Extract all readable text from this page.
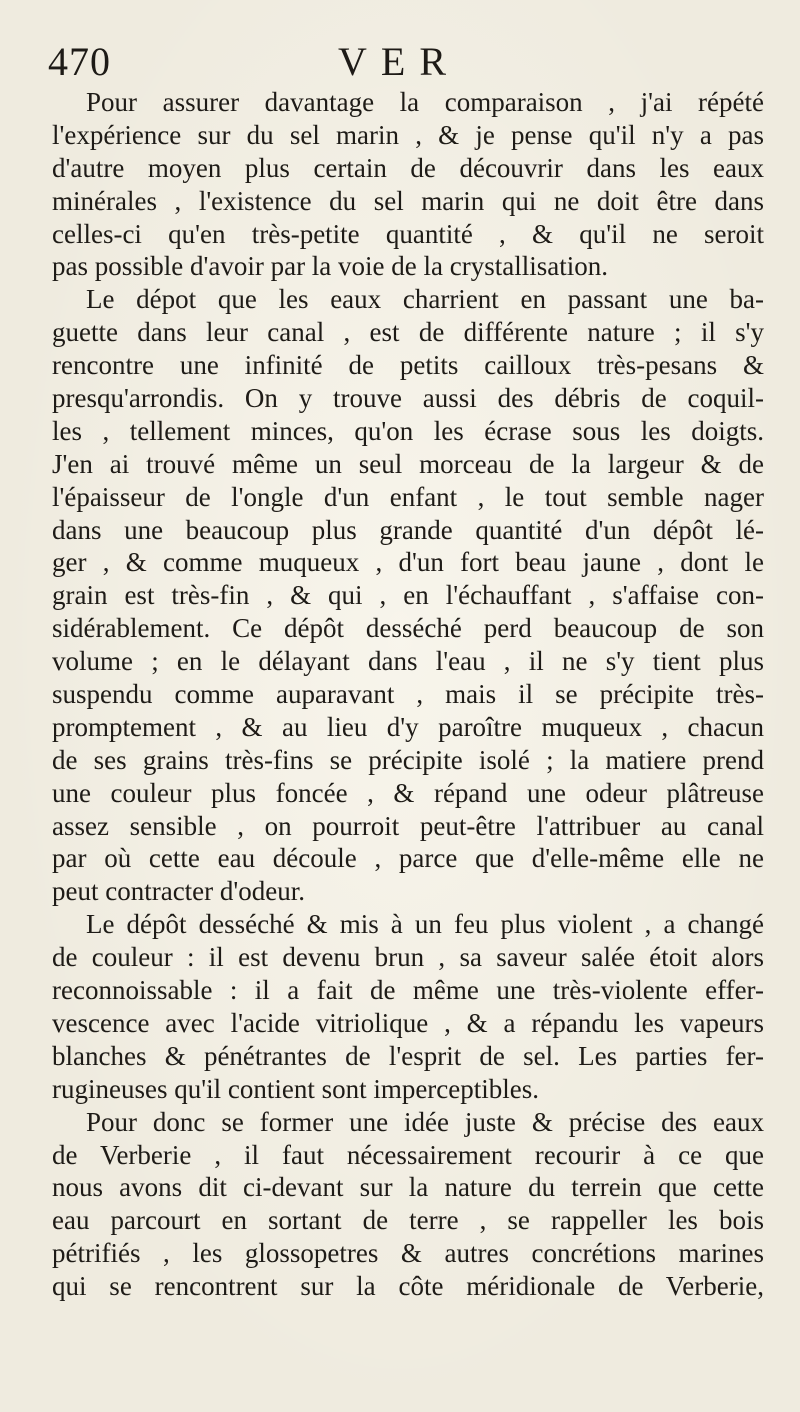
470	VER
Pour assurer davantage la comparaison , j'ai répété
l'expérience sur du sel marin , & je pense qu'il n'y a pas
d'autre moyen plus certain de découvrir dans les eaux
minérales , l'existence du sel marin qui ne doit être dans
celles-ci qu'en très-petite quantité , & qu'il ne seroit
pas possible d'avoir par la voie de la crystallisation.
Le dépot que les eaux charrient en passant une ba-
guette dans leur canal , est de différente nature ; il s'y
rencontre une infinité de petits cailloux très-pesans &
presqu'arrondis. On y trouve aussi des débris de coquil-
les , tellement minces, qu'on les écrase sous les doigts.
J'en ai trouvé même un seul morceau de la largeur & de
l'épaisseur de l'ongle d'un enfant , le tout semble nager
dans une beaucoup plus grande quantité d'un dépôt lé-
ger , & comme muqueux , d'un fort beau jaune , dont le
grain est très-fin , & qui , en l'échauffant , s'affaise con-
sidérablement. Ce dépôt desséché perd beaucoup de son
volume ; en le délayant dans l'eau , il ne s'y tient plus
suspendu comme auparavant , mais il se précipite très-
promptement , & au lieu d'y paroître muqueux , chacun
de ses grains très-fins se précipite isolé ; la matiere prend
une couleur plus foncée , & répand une odeur plâtreuse
assez sensible , on pourroit peut-être l'attribuer au canal
par où cette eau découle , parce que d'elle-même elle ne
peut contracter d'odeur.
Le dépôt desséché & mis à un feu plus violent , a changé
de couleur : il est devenu brun , sa saveur salée étoit alors
reconnoissable : il a fait de même une très-violente effer-
vescence avec l'acide vitriolique , & a répandu les vapeurs
blanches & pénétrantes de l'esprit de sel. Les parties fer-
rugineuses qu'il contient sont imperceptibles.
Pour donc se former une idée juste & précise des eaux
de Verberie , il faut nécessairement recourir à ce que
nous avons dit ci-devant sur la nature du terrein que cette
eau parcourt en sortant de terre , se rappeller les bois
pétrifiés , les glossopetres & autres concrétions marines
qui se rencontrent sur la côte méridionale de Verberie,
